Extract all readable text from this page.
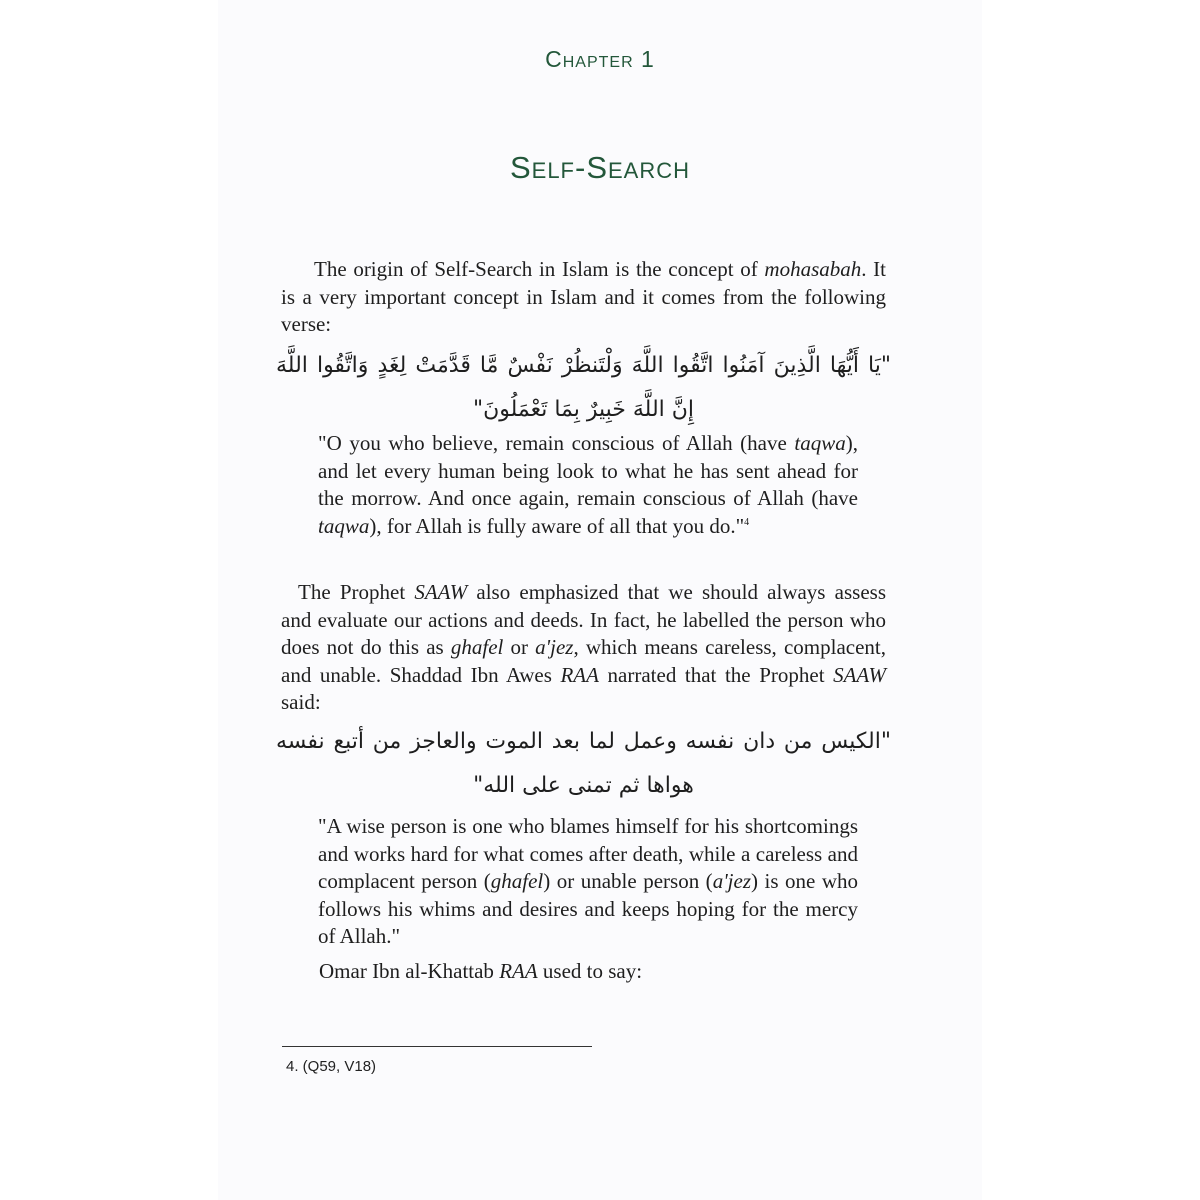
Chapter 1
Self-Search

The origin of Self-Search in Islam is the concept of mohasabah. It is a very important concept in Islam and it comes from the following verse:

"يَا أَيُّهَا الَّذِينَ آمَنُوا اتَّقُوا اللَّهَ وَلْتَنظُرْ نَفْسٌ مَّا قَدَّمَتْ لِغَدٍ وَاتَّقُوا اللَّهَ إِنَّ اللَّهَ خَبِيرٌ بِمَا تَعْمَلُونَ"

"O you who believe, remain conscious of Allah (have taqwa), and let every human being look to what he has sent ahead for the morrow. And once again, remain conscious of Allah (have taqwa), for Allah is fully aware of all that you do."$^4$

The Prophet SAAW also emphasized that we should always assess and evaluate our actions and deeds. In fact, he labelled the person who does not do this as ghafel or a'jez, which means careless, complacent, and unable. Shaddad Ibn Awes RAA narrated that the Prophet SAAW said:

"الكيس من دان نفسه وعمل لما بعد الموت والعاجز من أتبع نفسه هواها ثم تمنى على الله"

"A wise person is one who blames himself for his shortcomings and works hard for what comes after death, while a careless and complacent person (ghafel) or unable person (a'jez) is one who follows his whims and desires and keeps hoping for the mercy of Allah."

Omar Ibn al-Khattab RAA used to say:

4. (Q59, V18)
